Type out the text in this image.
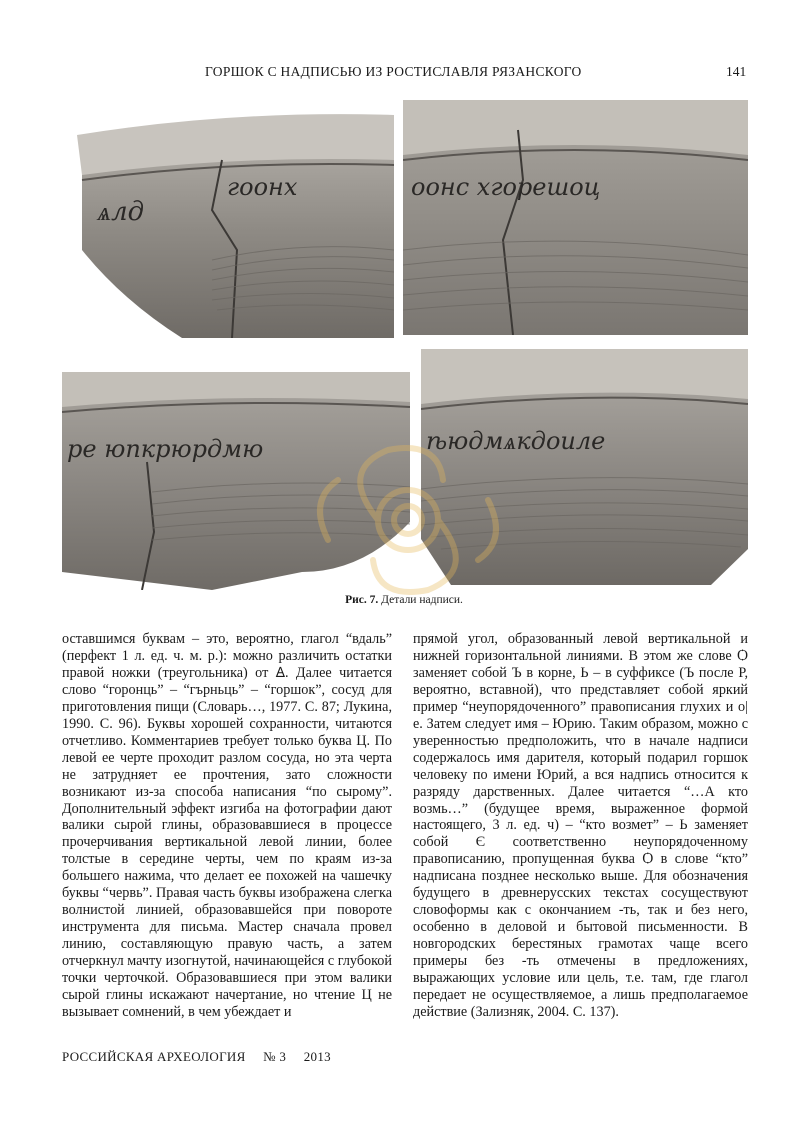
ГОРШОК С НАДПИСЬЮ ИЗ РОСТИСЛАВЛЯ РЯЗАНСКОГО	141
ѧлд
гоонх	оонс хгорешоц
ре юпкрюрдмю	ѣюдмѧкдоиле
Рис. 7. Детали надписи.

оставшимся буквам – это, вероятно, глагол “вдаль” (перфект 1 л. ед. ч. м. р.): можно различить остатки правой ножки (треугольника) от Ꙙ. Далее читается слово “горонць” – “гърньць” – “горшок”, сосуд для приготовления пищи (Словарь…, 1977. С. 87; Лукина, 1990. С. 96). Буквы хорошей сохранности, читаются отчетливо. Комментариев требует только буква Ц. По левой ее черте проходит разлом сосуда, но эта черта не затрудняет ее прочтения, зато сложности возникают из-за способа написания “по сырому”. Дополнительный эффект изгиба на фотографии дают валики сырой глины, образовавшиеся в процессе прочерчивания вертикальной левой линии, более толстые в середине черты, чем по краям из-за большего нажима, что делает ее похожей на чашечку буквы “червь”. Правая часть буквы изображена слегка волнистой линией, образовавшейся при повороте инструмента для письма. Мастер сначала провел линию, составляющую правую часть, а затем отчеркнул мачту изогнутой, начинающейся с глубокой точки черточкой. Образовавшиеся при этом валики сырой глины искажают начертание, но чтение Ц не вызывает сомнений, в чем убеждает и

прямой угол, образованный левой вертикальной и нижней горизонтальной линиями. В этом же слове Ѻ заменяет собой Ъ в корне, Ь – в суффиксе (Ъ после Р, вероятно, вставной), что представляет собой яркий пример “неупорядоченного” правописания глухих и о|е. Затем следует имя – Юрию. Таким образом, можно с уверенностью предположить, что в начале надписи содержалось имя дарителя, который подарил горшок человеку по имени Юрий, а вся надпись относится к разряду дарственных. Далее читается “…А кто возмь…” (будущее время, выраженное формой настоящего, 3 л. ед. ч) – “кто возмет” – Ь заменяет собой Є соответственно неупорядоченному правописанию, пропущенная буква Ѻ в слове “кто” надписана позднее несколько выше. Для обозначения будущего в древнерусских текстах сосуществуют словоформы как с окончанием -ть, так и без него, особенно в деловой и бытовой письменности. В новгородских берестяных грамотах чаще всего примеры без -ть отмечены в предложениях, выражающих условие или цель, т.е. там, где глагол передает не осуществляемое, а лишь предполагаемое действие (Зализняк, 2004. С. 137).

РОССИЙСКАЯ АРХЕОЛОГИЯ № 3 2013
